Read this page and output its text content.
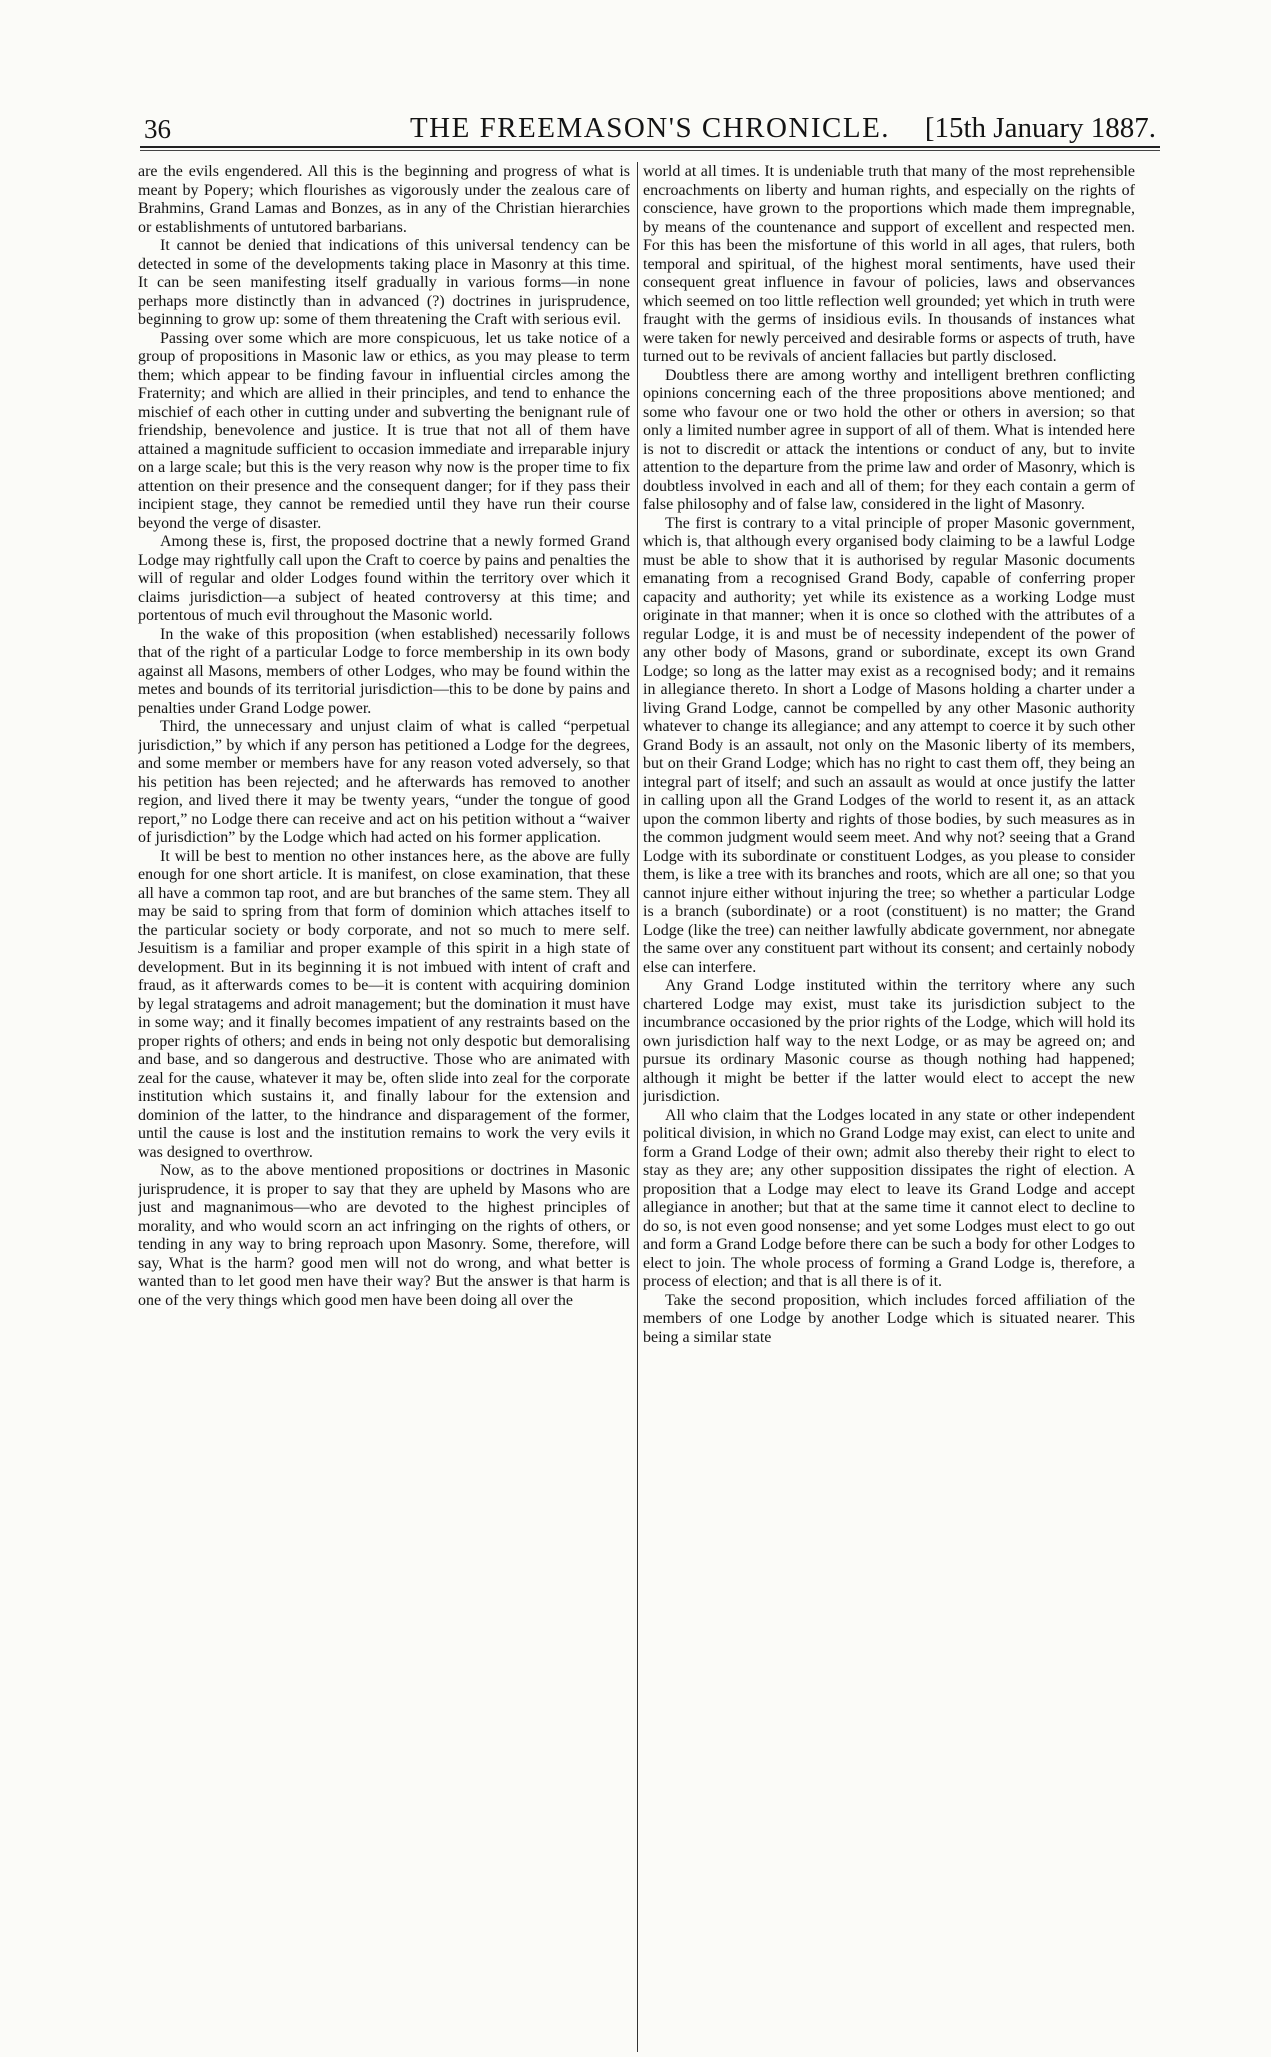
36	THE FREEMASON'S CHRONICLE.	[15th January 1887.

are the evils engendered. All this is the beginning and progress of what is meant by Popery; which flourishes as vigorously under the zealous care of Brahmins, Grand Lamas and Bonzes, as in any of the Christian hierarchies or establishments of untutored barbarians.

It cannot be denied that indications of this universal tendency can be detected in some of the developments taking place in Masonry at this time. It can be seen manifesting itself gradually in various forms—in none perhaps more distinctly than in advanced (?) doctrines in jurisprudence, beginning to grow up: some of them threatening the Craft with serious evil.

Passing over some which are more conspicuous, let us take notice of a group of propositions in Masonic law or ethics, as you may please to term them; which appear to be finding favour in influential circles among the Fraternity; and which are allied in their principles, and tend to enhance the mischief of each other in cutting under and subverting the benignant rule of friendship, benevolence and justice. It is true that not all of them have attained a magnitude sufficient to occasion immediate and irreparable injury on a large scale; but this is the very reason why now is the proper time to fix attention on their presence and the consequent danger; for if they pass their incipient stage, they cannot be remedied until they have run their course beyond the verge of disaster.

Among these is, first, the proposed doctrine that a newly formed Grand Lodge may rightfully call upon the Craft to coerce by pains and penalties the will of regular and older Lodges found within the territory over which it claims jurisdiction—a subject of heated controversy at this time; and portentous of much evil throughout the Masonic world.

In the wake of this proposition (when established) necessarily follows that of the right of a particular Lodge to force membership in its own body against all Masons, members of other Lodges, who may be found within the metes and bounds of its territorial jurisdiction—this to be done by pains and penalties under Grand Lodge power.

Third, the unnecessary and unjust claim of what is called “perpetual jurisdiction,” by which if any person has petitioned a Lodge for the degrees, and some member or members have for any reason voted adversely, so that his petition has been rejected; and he afterwards has removed to another region, and lived there it may be twenty years, “under the tongue of good report,” no Lodge there can receive and act on his petition without a “waiver of jurisdiction” by the Lodge which had acted on his former application.

It will be best to mention no other instances here, as the above are fully enough for one short article. It is manifest, on close examination, that these all have a common tap root, and are but branches of the same stem. They all may be said to spring from that form of dominion which attaches itself to the particular society or body corporate, and not so much to mere self. Jesuitism is a familiar and proper example of this spirit in a high state of development. But in its beginning it is not imbued with intent of craft and fraud, as it afterwards comes to be—it is content with acquiring dominion by legal stratagems and adroit management; but the domination it must have in some way; and it finally becomes impatient of any restraints based on the proper rights of others; and ends in being not only despotic but demoralising and base, and so dangerous and destructive. Those who are animated with zeal for the cause, whatever it may be, often slide into zeal for the corporate institution which sustains it, and finally labour for the extension and dominion of the latter, to the hindrance and disparagement of the former, until the cause is lost and the institution remains to work the very evils it was designed to overthrow.

Now, as to the above mentioned propositions or doctrines in Masonic jurisprudence, it is proper to say that they are upheld by Masons who are just and magnanimous—who are devoted to the highest principles of morality, and who would scorn an act infringing on the rights of others, or tending in any way to bring reproach upon Masonry. Some, therefore, will say, What is the harm? good men will not do wrong, and what better is wanted than to let good men have their way? But the answer is that harm is one of the very things which good men have been doing all over the

world at all times. It is undeniable truth that many of the most reprehensible encroachments on liberty and human rights, and especially on the rights of conscience, have grown to the proportions which made them impregnable, by means of the countenance and support of excellent and respected men. For this has been the misfortune of this world in all ages, that rulers, both temporal and spiritual, of the highest moral sentiments, have used their consequent great influence in favour of policies, laws and observances which seemed on too little reflection well grounded; yet which in truth were fraught with the germs of insidious evils. In thousands of instances what were taken for newly perceived and desirable forms or aspects of truth, have turned out to be revivals of ancient fallacies but partly disclosed.

Doubtless there are among worthy and intelligent brethren conflicting opinions concerning each of the three propositions above mentioned; and some who favour one or two hold the other or others in aversion; so that only a limited number agree in support of all of them. What is intended here is not to discredit or attack the intentions or conduct of any, but to invite attention to the departure from the prime law and order of Masonry, which is doubtless involved in each and all of them; for they each contain a germ of false philosophy and of false law, considered in the light of Masonry.

The first is contrary to a vital principle of proper Masonic government, which is, that although every organised body claiming to be a lawful Lodge must be able to show that it is authorised by regular Masonic documents emanating from a recognised Grand Body, capable of conferring proper capacity and authority; yet while its existence as a working Lodge must originate in that manner; when it is once so clothed with the attributes of a regular Lodge, it is and must be of necessity independent of the power of any other body of Masons, grand or subordinate, except its own Grand Lodge; so long as the latter may exist as a recognised body; and it remains in allegiance thereto. In short a Lodge of Masons holding a charter under a living Grand Lodge, cannot be compelled by any other Masonic authority whatever to change its allegiance; and any attempt to coerce it by such other Grand Body is an assault, not only on the Masonic liberty of its members, but on their Grand Lodge; which has no right to cast them off, they being an integral part of itself; and such an assault as would at once justify the latter in calling upon all the Grand Lodges of the world to resent it, as an attack upon the common liberty and rights of those bodies, by such measures as in the common judgment would seem meet. And why not? seeing that a Grand Lodge with its subordinate or constituent Lodges, as you please to consider them, is like a tree with its branches and roots, which are all one; so that you cannot injure either without injuring the tree; so whether a particular Lodge is a branch (subordinate) or a root (constituent) is no matter; the Grand Lodge (like the tree) can neither lawfully abdicate government, nor abnegate the same over any constituent part without its consent; and certainly nobody else can interfere.

Any Grand Lodge instituted within the territory where any such chartered Lodge may exist, must take its jurisdiction subject to the incumbrance occasioned by the prior rights of the Lodge, which will hold its own jurisdiction half way to the next Lodge, or as may be agreed on; and pursue its ordinary Masonic course as though nothing had happened; although it might be better if the latter would elect to accept the new jurisdiction.

All who claim that the Lodges located in any state or other independent political division, in which no Grand Lodge may exist, can elect to unite and form a Grand Lodge of their own; admit also thereby their right to elect to stay as they are; any other supposition dissipates the right of election. A proposition that a Lodge may elect to leave its Grand Lodge and accept allegiance in another; but that at the same time it cannot elect to decline to do so, is not even good nonsense; and yet some Lodges must elect to go out and form a Grand Lodge before there can be such a body for other Lodges to elect to join. The whole process of forming a Grand Lodge is, therefore, a process of election; and that is all there is of it.

Take the second proposition, which includes forced affiliation of the members of one Lodge by another Lodge which is situated nearer. This being a similar state
